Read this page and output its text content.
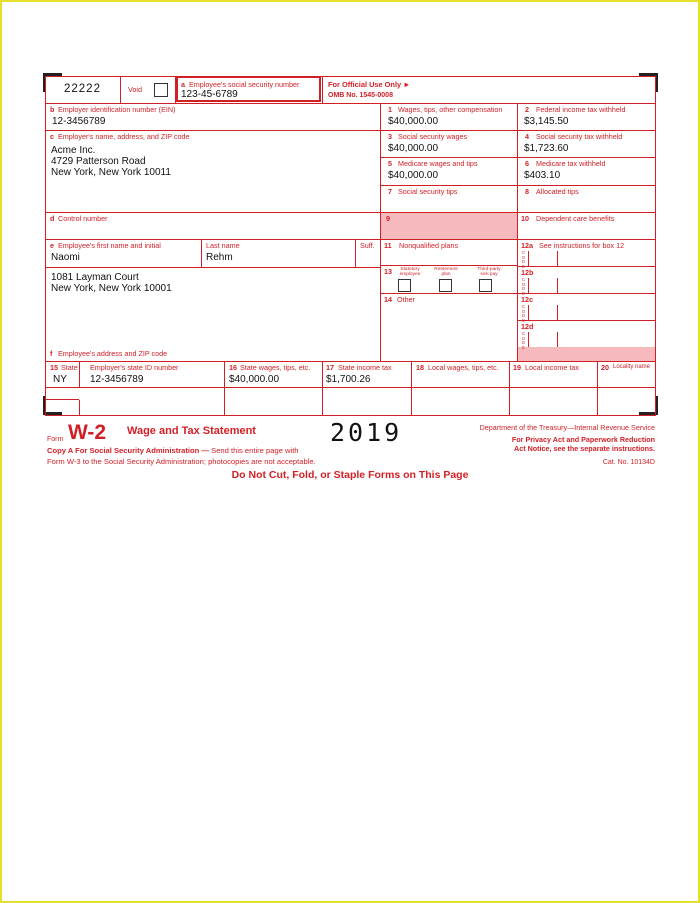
22222	Void
a Employee's social security number
123-45-6789
For Official Use Only ►
OMB No. 1545-0008
b Employer identification number (EIN)
12-3456789
c Employer's name, address, and ZIP code
Acme Inc.
4729 Patterson Road
New York, New York 10011
d Control number
e Employee's first name and initial
Naomi
Last name
Rehm
Suff.
1081 Layman Court
New York, New York 10001
f Employee's address and ZIP code
1 Wages, tips, other compensation
$40,000.00
2 Federal income tax withheld
$3,145.50
3 Social security wages
$40,000.00
4 Social security tax withheld
$1,723.60
5 Medicare wages and tips
$40,000.00
6 Medicare tax withheld
$403.10
7 Social security tips	8 Allocated tips
9	10 Dependent care benefits
11 Nonqualified plans	12a See instructions for box 12
C
O
D
E
12b
C
O
D
E
12c
C
O
D
E
12d
C
O
D
E
13	Statutory
employee
Retirement
plan
Third-party
sick pay
14 Other
15 State Employer's state ID number
NY 12-3456789
16 State wages, tips, etc.
$40,000.00
17 State income tax
$1,700.26
18 Local wages, tips, etc. 19 Local income tax	20 Locality name
Form W-2 Wage and Tax Statement	2019
Copy A For Social Security Administration — Send this entire page with
Form W-3 to the Social Security Administration; photocopies are not acceptable.
Department of the Treasury—Internal Revenue Service
For Privacy Act and Paperwork Reduction
Act Notice, see the separate instructions.
Cat. No. 10134D
Do Not Cut, Fold, or Staple Forms on This Page
